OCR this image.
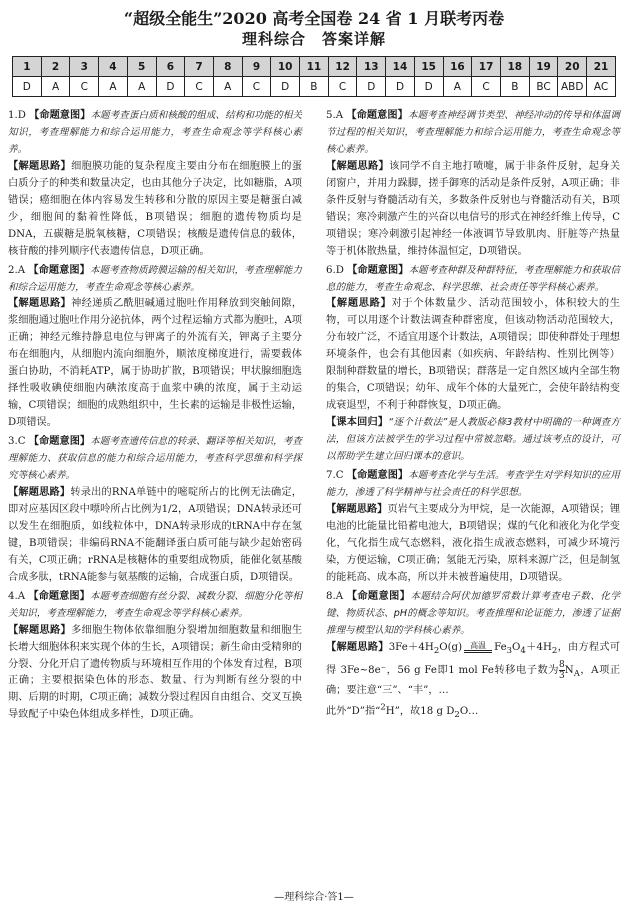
“超级全能生”2020 高考全国卷 24 省 1 月联考丙卷
理科综合　答案详解
1	2	3	4	5	6	7	8	9	10	11	12	13	14	15	16	17	18	19	20	21
D	A	C	A	A	D	C	A	C	D	B	C	D	D	D	A	C	B	BC	ABD	AC
1.D 【命题意图】本题考查蛋白质和核酸的组成、结构和功能的相关知识，考查理解能力和综合运用能力，考查生命观念等学科核心素养。
【解题思路】细胞膜功能的复杂程度主要由分布在细胞膜上的蛋白质分子的种类和数量决定，也由其他分子决定，比如糖脂，A项错误；癌细胞在体内容易发生转移和分散的原因主要是糖蛋白减少，细胞间的黏着性降低，B项错误；细胞的遗传物质均是DNA，五碳糖是脱氧核糖，C项错误；核酸是遗传信息的载体，核苷酸的排列顺序代表遗传信息，D项正确。
2.A 【命题意图】本题考查物质跨膜运输的相关知识，考查理解能力和综合运用能力，考查生命观念等核心素养。
【解题思路】神经递质乙酰胆碱通过胞吐作用释放到突触间隙，浆细胞通过胞吐作用分泌抗体，两个过程运输方式都为胞吐，A项正确；神经元维持静息电位与钾离子的外流有关，钾离子主要分布在细胞内，从细胞内流向细胞外，顺浓度梯度进行，需要载体蛋白协助，不消耗ATP，属于协助扩散，B项错误；甲状腺细胞选择性吸收碘使细胞内碘浓度高于血浆中碘的浓度，属于主动运输，C项错误；细胞的成熟组织中，生长素的运输是非极性运输，D项错误。
3.C 【命题意图】本题考查遗传信息的转录、翻译等相关知识，考查理解能力、获取信息的能力和综合运用能力，考查科学思维和科学探究等核心素养。
【解题思路】转录出的RNA单链中的嘧啶所占的比例无法确定，即对应基因区段中嘌呤所占比例为1/2，A项错误；DNA转录还可以发生在细胞质，如线粒体中，DNA转录形成的tRNA中存在氢键，B项错误；非编码RNA不能翻译蛋白质可能与缺少起始密码有关，C项正确；rRNA是核糖体的重要组成物质，能催化氨基酸合成多肽，tRNA能参与氨基酸的运输，合成蛋白质，D项错误。
4.A 【命题意图】本题考查细胞有丝分裂、减数分裂、细胞分化等相关知识，考查理解能力，考查生命观念等学科核心素养。
【解题思路】多细胞生物体依靠细胞分裂增加细胞数量和细胞生长增大细胞体积来实现个体的生长，A项错误；新生命由受精卵的分裂、分化开启了遗传物质与环境相互作用的个体发育过程，B项正确；主要根据染色体的形态、数量、行为判断有丝分裂的中期、后期的时期，C项正确；减数分裂过程因自由组合、交叉互换导致配子中染色体组成多样性，D项正确。
5.A 【命题意图】本题考查神经调节类型、神经冲动的传导和体温调节过程的相关知识，考查理解能力和综合运用能力，考查生命观念等核心素养。
【解题思路】该同学不自主地打喷嚏，属于非条件反射，起身关闭窗户，并用力跺脚，搓手御寒的活动是条件反射，A项正确；非条件反射与脊髓活动有关，多数条件反射也与脊髓活动有关，B项错误；寒冷刺激产生的兴奋以电信号的形式在神经纤维上传导，C项错误；寒冷刺激引起神经一体液调节导致肌肉、肝脏等产热量等于机体散热量，维持体温恒定，D项错误。
6.D 【命题意图】本题考查种群及种群特征，考查理解能力和获取信息的能力，考查生命观念、科学思维、社会责任等学科核心素养。
【解题思路】对于个体数量少、活动范围较小，体积较大的生物，可以用逐个计数法调查种群密度，但该动物活动范围较大，分布较广泛，不适宜用逐个计数法，A项错误；即使种群处于理想环境条件，也会有其他因素（如疾病、年龄结构、性别比例等）限制种群数量的增长，B项错误；群落是一定自然区域内全部生物的集合，C项错误；幼年、成年个体的大量死亡，会使年龄结构变成衰退型，不利于种群恢复，D项正确。
【课本回归】“逐个计数法”是人教版必修3教材中明确的一种调查方法，但该方法被学生的学习过程中常被忽略。通过该考点的设计，可以帮助学生建立回归课本的意识。
7.C 【命题意图】本题考查化学与生活。考查学生对学科知识的应用能力，渗透了科学精神与社会责任的科学思想。
【解题思路】页岩气主要成分为甲烷，是一次能源，A项错误；锂电池的比能量比铅蓄电池大，B项错误；煤的气化和液化为化学变化，气化指生成气态燃料，液化指生成液态燃料，可减少环境污染，方便运输，C项正确；氢能无污染，原料来源广泛，但是制氢的能耗高、成本高，所以并未被普遍使用，D项错误。
8.A 【命题意图】本题结合阿伏加德罗常数计算考查电子数、化学键、物质状态、pH的概念等知识。考查推理和论证能力，渗透了证据推理与模型认知的学科核心素养。
【解题思路】$3Fe+4H_2O(g)$	高温 $Fe_3O_4+4H_2$，由方程式可得 3Fe~8e⁻，56 g Fe即1 mol Fe转移电子数为 $\frac{8}{3} N_A$，A项正确；要注意“三”、“丰”，…
此外“D”指“$^2$H”，故18 g $D_2O\dots$
—理科综合·答1—
